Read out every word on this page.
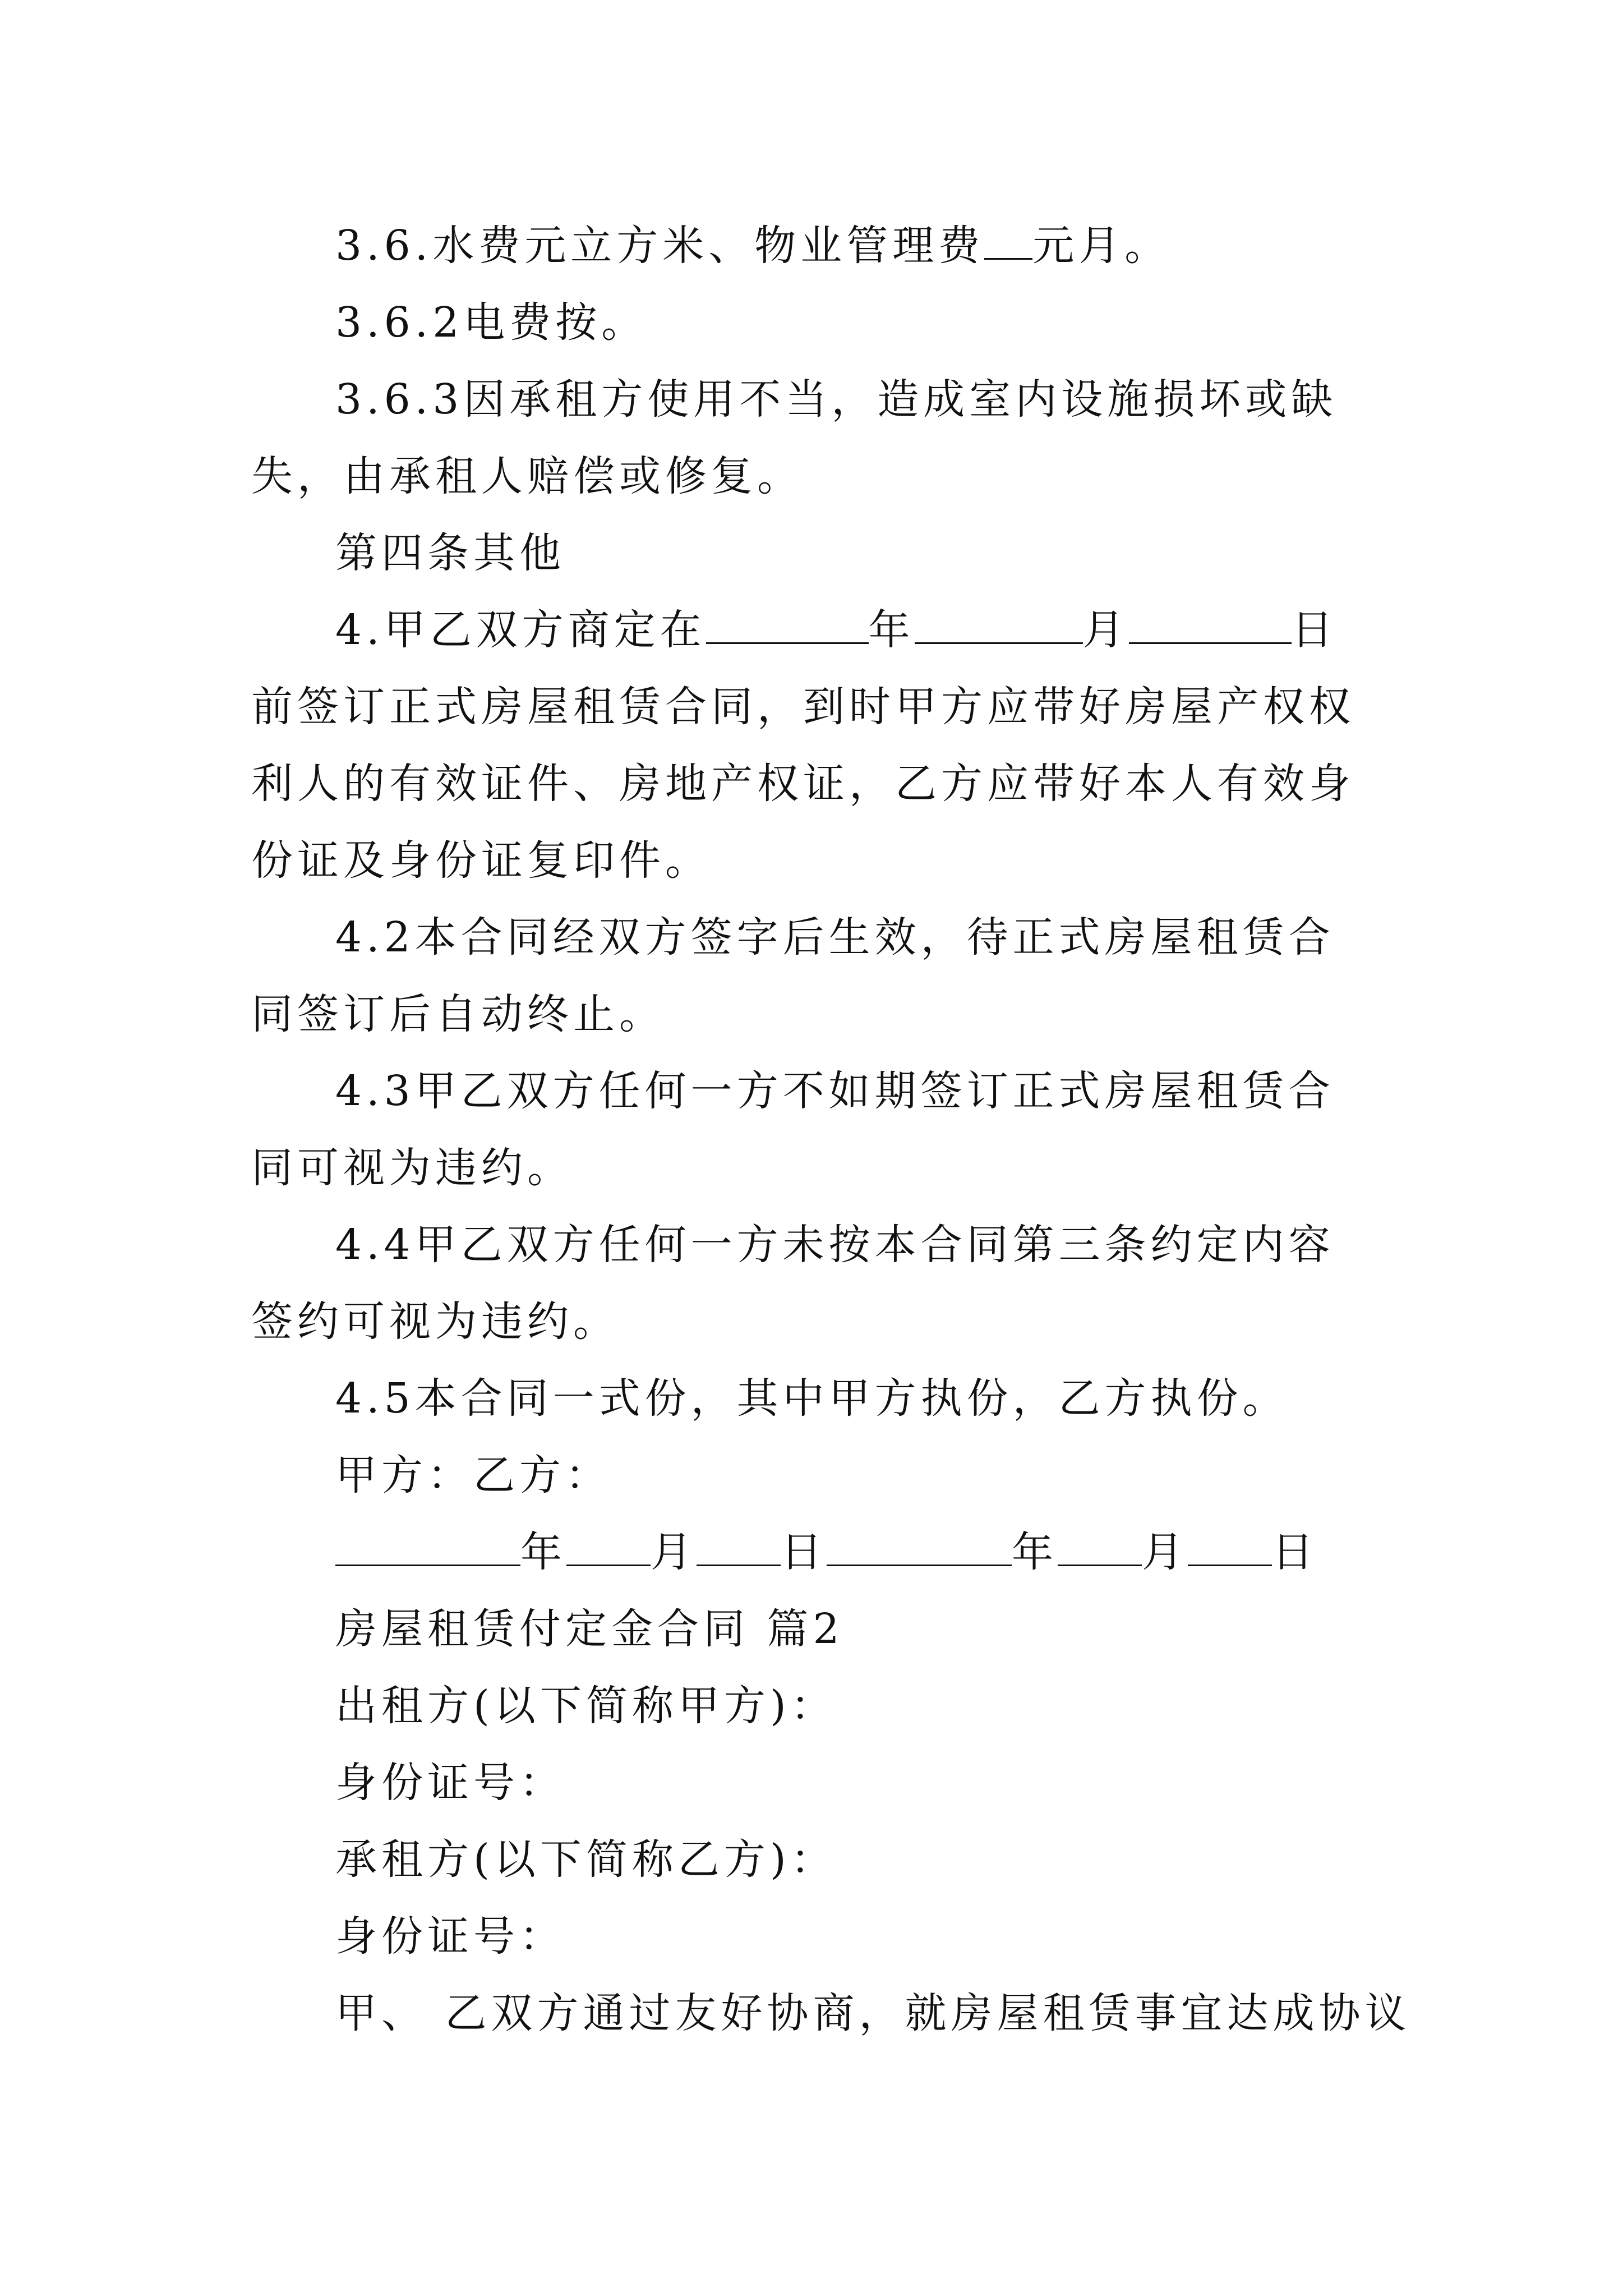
3.6.水费元立方米、物业管理费 元月。

3.6.2电费按。

3.6.3因承租方使用不当，造成室内设施损坏或缺失，由承租人赔偿或修复。

第四条其他

4.甲乙双方商定在	年	月	日前签订正式房屋租赁合同，到时甲方应带好房屋产权权利人的有效证件、房地产权证，乙方应带好本人有效身份证及身份证复印件。

4.2本合同经双方签字后生效，待正式房屋租赁合同签订后自动终止。

4.3甲乙双方任何一方不如期签订正式房屋租赁合同可视为违约。

4.4甲乙双方任何一方未按本合同第三条约定内容签约可视为违约。

4.5本合同一式份，其中甲方执份，乙方执份。

甲方：乙方：

年 月 日	年 月 日

房屋租赁付定金合同 篇2

出租方(以下简称甲方)：

身份证号：

承租方(以下简称乙方)：

身份证号：

甲、 乙双方通过友好协商，就房屋租赁事宜达成协议
